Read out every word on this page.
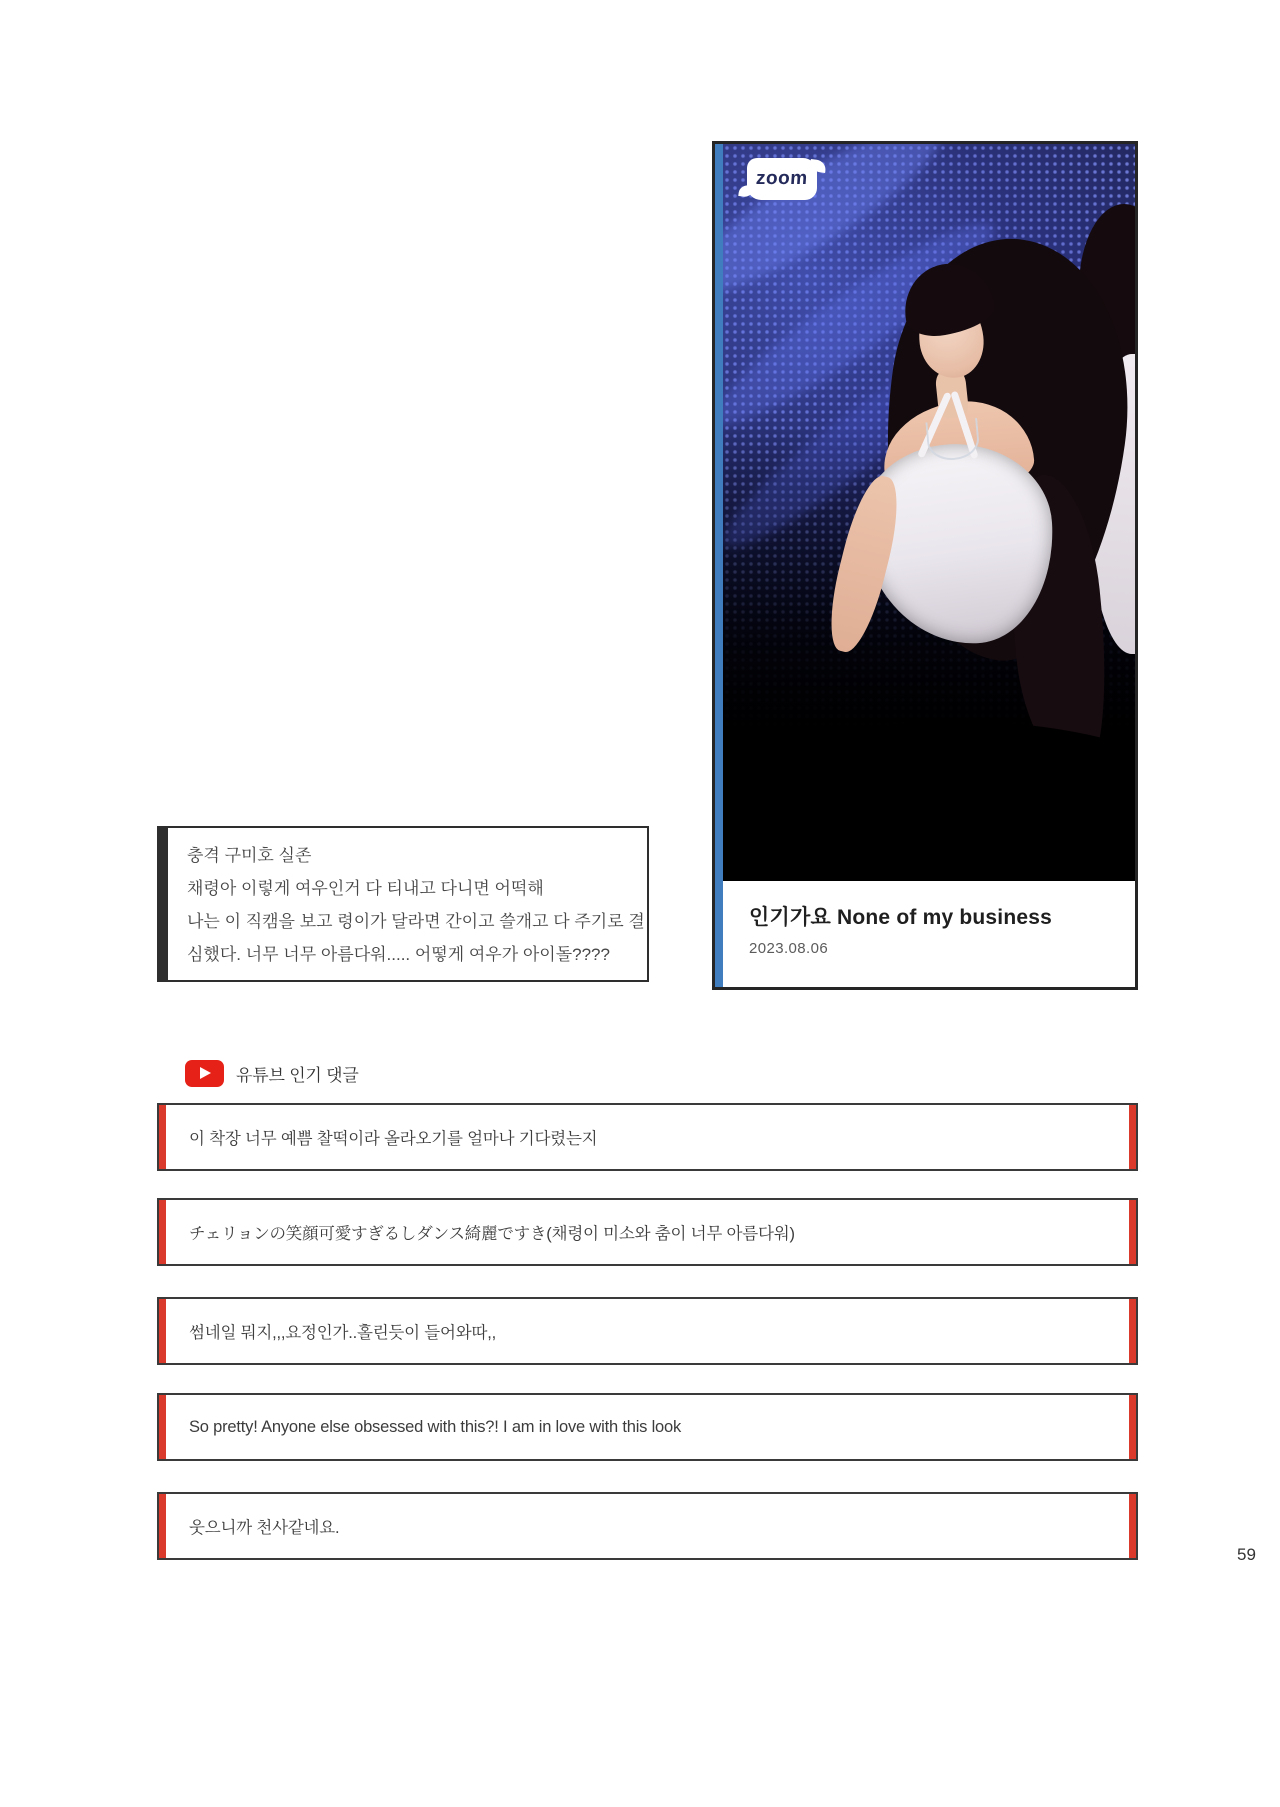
zoom
인기가요 None of my business
2023.08.06
충격 구미호 실존
채령아 이렇게 여우인거 다 티내고 다니면 어떡해
나는 이 직캠을 보고 령이가 달라면 간이고 쓸개고 다 주기로 결
심했다. 너무 너무 아름다워..... 어떻게 여우가 아이돌????
유튜브 인기 댓글
이 착장 너무 예쁨 찰떡이라 올라오기를 얼마나 기다렸는지
チェリョンの笑顔可愛すぎるしダンス綺麗ですき(채령이 미소와 춤이 너무 아름다워)
썸네일 뭐지,,,요정인가..홀린듯이 들어와따,,
So pretty! Anyone else obsessed with this?! I am in love with this look
웃으니까 천사같네요.
59
